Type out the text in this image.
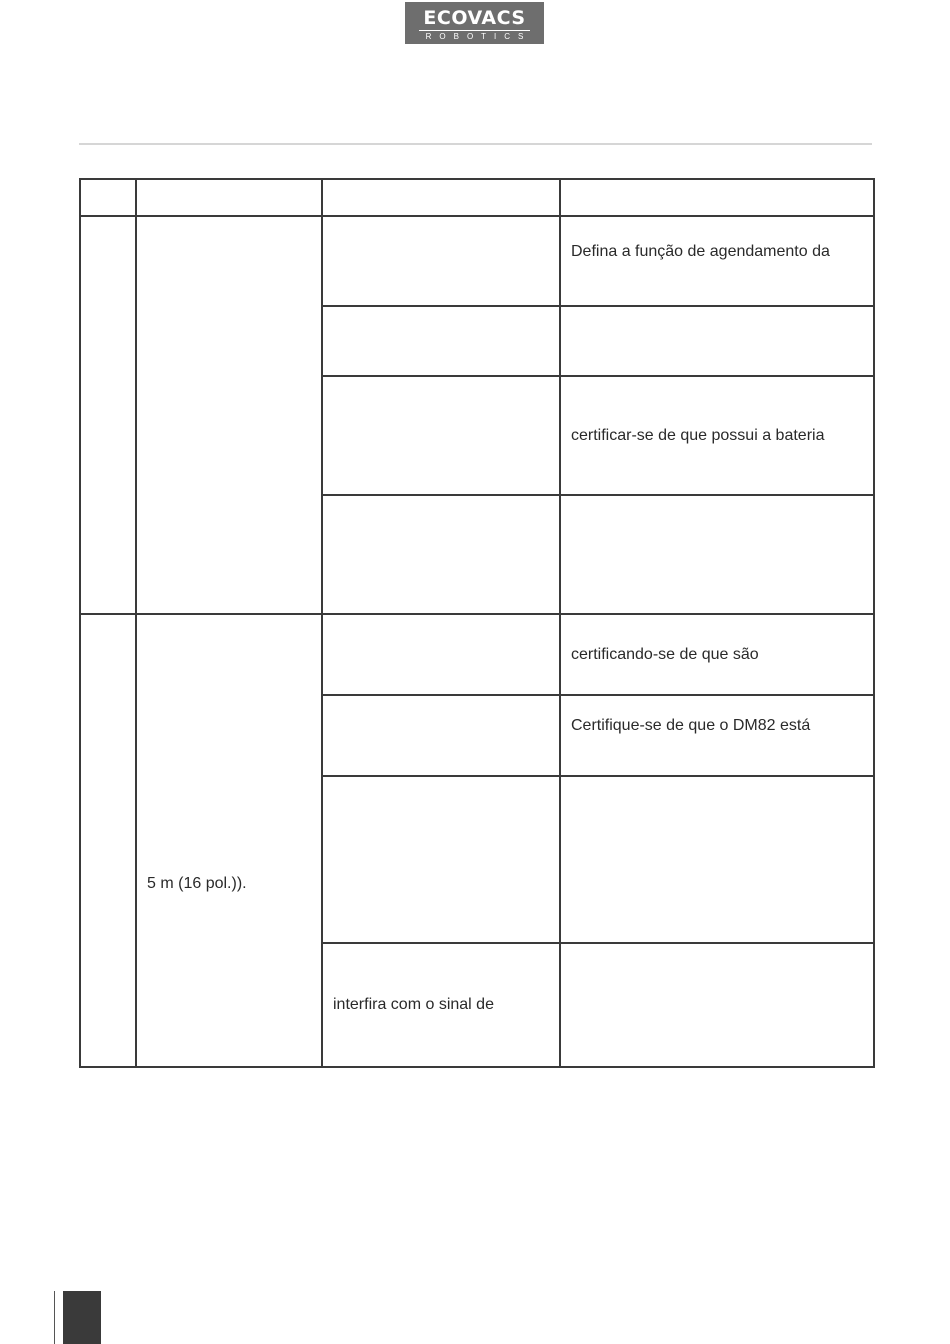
ECOVACS
ROBOTICS

			Defina a função de agendamento da

			certificar-se de que possui a bateria

	5 m (16 pol.)).		certificando-se de que são
			Certifique-se de que o DM82 está

		interfira com o sinal de	
